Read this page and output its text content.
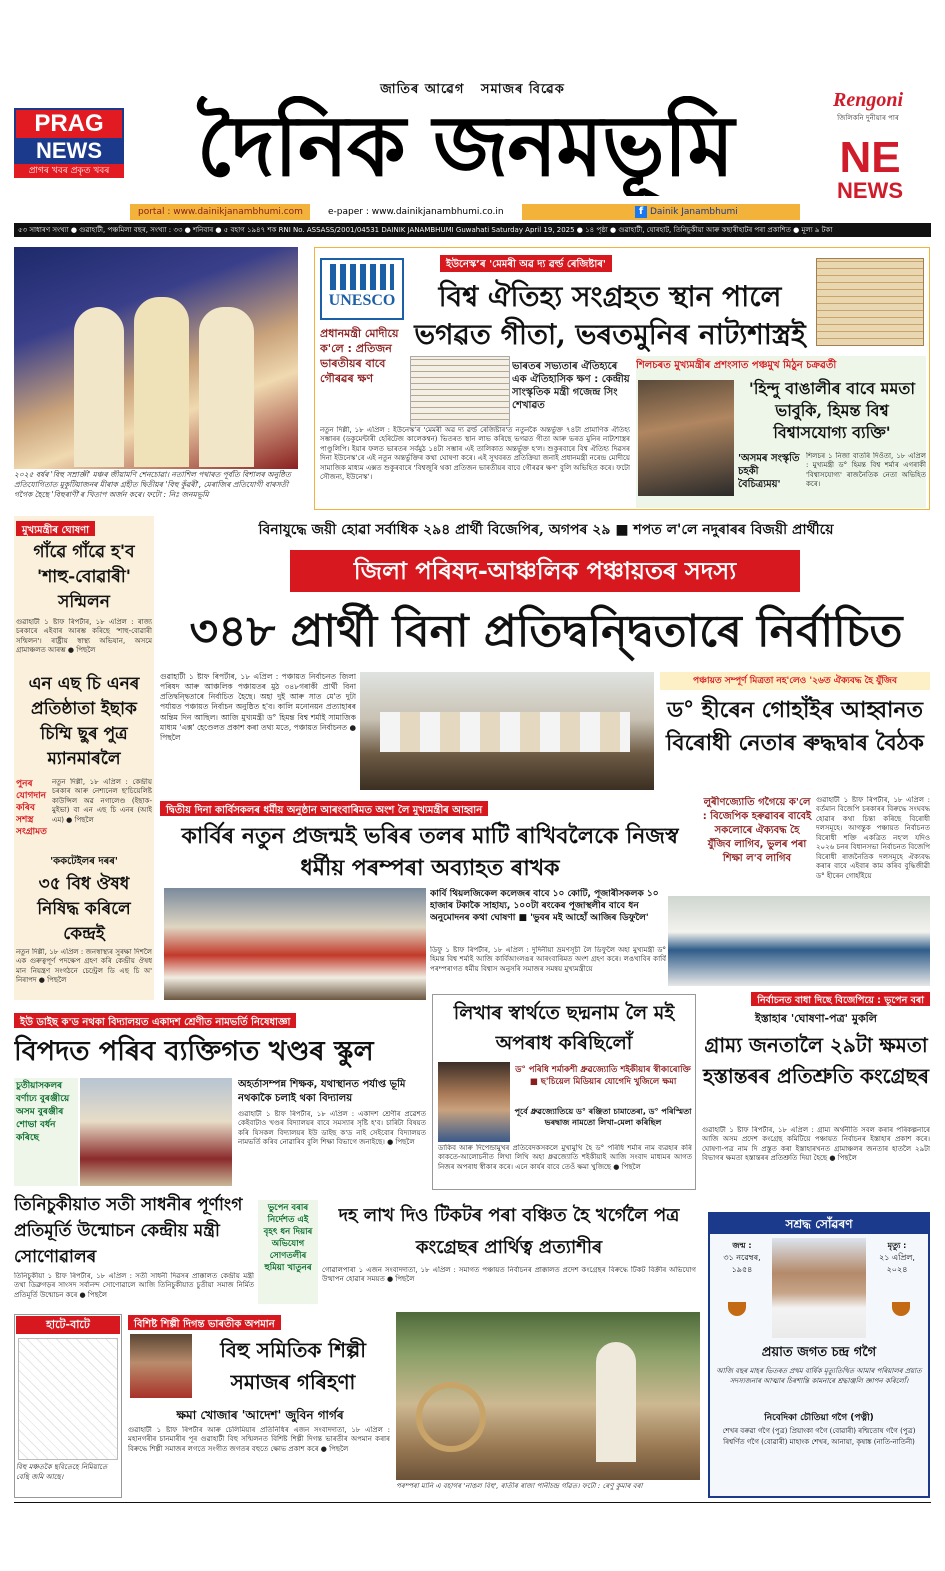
জাতিৰ আৱেগ   সমাজৰ বিৱেক
PRAG
NEWS
প্ৰাগৰ খবৰ প্ৰকৃত খবৰ	দৈনিক জনমভূমি	Rengoni
জিলিকনি দুনীয়াৰ পাৰ
NE
NEWS
portal : www.dainikjanambhumi.com	e-paper : www.dainikjanambhumi.co.in	f Dainik Janambhumi
৫৩ সাধাৰণ সংখ্যা ● গুৱাহাটী, পঞ্চমিলা বছৰ, সংখ্যা : ৩৩ ● শনিবাৰ ● ৫ বহাগ ১৯৪৭ শক RNI No. ASSASS/2001/04531 DAINIK JANAMBHUMI Guwahati Saturday April 19, 2025 ● ১৪ পৃষ্ঠা ● গুৱাহাটী, যোৰহাট, তিনিচুকীয়া আৰু কছাৰীহাটৰ পৰা প্ৰকাশিত ● মূল্য ৯ টকা
২০২৫ বৰ্ষৰ 'বিহু সম্ৰাজ্ঞী' মঞ্চৰ জীয়ামণি শেনচোৱা। নতাশিল পথাৰত পূৰ্বতি বিশালৰ অনুষ্ঠিত প্ৰতিযোগিতাত মুকুটিয়াজনৰ মীৰাক গ্ৰহীত দ্বিতীয়ৰ 'বিহু কুঁৱৰী', মেৰাজিৰ প্ৰতিযোগী বাৰসতী গগৈক হৈছে 'বিহুৰাণী'ৰ খিতাপ অৰ্জন কৰে। ফটো : নিঃ জনমভূমি
ইউনেস্কʼৰ 'মেমৰী অৱ দ্য ৱৰ্ল্ড ৰেজিষ্টাৰ'
UNESCO	বিশ্ব ঐতিহ্য সংগ্ৰহত স্থান পালে ভগৱত গীতা, ভৰতমুনিৰ নাট্যশাস্ত্ৰই
প্ৰধানমন্ত্ৰী মোদীয়ে ক'লে : প্ৰতিজন ভাৰতীয়ৰ বাবে গৌৰৱৰ ক্ষণ
ভাৰতৰ সভ্যতাৰ ঐতিহ্যৰে এক ঐতিহাসিক ক্ষণ : কেন্দ্ৰীয় সাংস্কৃতিক মন্ত্ৰী গজেন্দ্ৰ সিং শেখাৱত
নতুন দিল্লী, ১৮ এপ্ৰিল : ইউনেস্কʼৰ 'মেমৰী অৱ দ্য ৱৰ্ল্ড ৰেজিষ্টাৰ'ত নতুনকৈ অন্তৰ্ভুক্ত ৭৪টা প্ৰামাণিক ঐতিহ্য সম্ভাৰৰ (ডকুমেন্টাৰী হেৰিটেজ কালেকশ্বন) ভিতৰত স্থান লাভ কৰিছে ভগৱত গীতা আৰু ভৰত মুনিৰ নাট্যশাস্ত্ৰৰ পাণ্ডুলিপি। ইয়াৰ ফলত ভাৰতৰ সৰ্বমুঠ ১৪টা সম্ভাৰ এই তালিকাত অন্তৰ্ভুক্ত হ'ল। শুকুৰবাৰে বিশ্ব ঐতিহ্য দিৱসৰ দিনা ইউনেস্কʼৰে এই নতুন অন্তৰ্ভুক্তিৰ কথা ঘোষণা কৰে। এই সুখবৰত প্ৰতিক্ৰিয়া জনাই প্ৰধানমন্ত্ৰী নৰেন্দ্ৰ মোদীয়ে সামাজিক মাধ্যম এক্সত শুকুৰবাৰে 'বিশ্বজুৰি থকা প্ৰতিজন ভাৰতীয়ৰ বাবে গৌৰৱৰ ক্ষণ' বুলি অভিহিত কৰে। ফটো সৌজন্য, ইউনেস্কʼ।
শিলচৰত মুখ্যমন্ত্ৰীৰ প্ৰশংসাত পঞ্চমুখ মিঠুন চক্ৰৱৰ্তী
'হিন্দু বাঙালীৰ বাবে মমতা ভাবুকি, হিমন্ত বিশ্ব বিশ্বাসযোগ্য ব্যক্তি'
'অসমৰ সংস্কৃতি চহকী বৈচিত্ৰ্যময়'
শিলচৰ ১ নিজা বাতৰি দিওঁতা, ১৮ এপ্ৰিল : মুখ্যমন্ত্ৰী ড° হিমন্ত বিশ্ব শৰ্মাৰ এগৰাকী 'বিশ্বাসযোগ্য' ৰাজনৈতিক নেতা অভিহিত কৰে।
মুখ্যমন্ত্ৰীৰ ঘোষণা
গাঁৱে গাঁৱে হ'ব 'শাহু-বোৱাৰী' সন্মিলন
গুৱাহাটী ১ ষ্টাফ ৰিপৰ্টাৰ, ১৮ এপ্ৰিল : ৰাজ্য চৰকাৰে এইবাৰ আৰম্ভ কৰিছে 'শাহু-বোৱাৰী সন্মিলন'। ৰাষ্ট্ৰীয় স্বাস্থ্য অভিযান, অসমে গ্ৰামাঞ্চলত আৰম্ভ ● পিছলৈ
এন এছ চি এনৰ প্ৰতিষ্ঠাতা ইছাক চিম্মি ছুৰ পুত্ৰ ম্যানমাৰলৈ
পুনৰ যোগদান কৰিব সশস্ত্ৰ সংগ্ৰামত
নতুন দিল্লী, ১৮ এপ্ৰিল : কেন্দ্ৰীয় চৰকাৰ আৰু নেশ্যনেল ছ'চিয়েলিষ্ট কাউন্সিল অৱ নগালেণ্ড (ইছাক-মুইভা) বা এন এছ চি এনৰ (আই এম) ● পিছলৈ
'ককটেইলৰ দৰৰ'
৩৫ বিধ ঔষধ নিষিদ্ধ কৰিলে কেন্দ্ৰই
নতুন দিল্লী, ১৮ এপ্ৰিল : জনস্বাস্থ্যৰ সুৰক্ষা দিশলৈ এক গুৰুত্বপূৰ্ণ পদক্ষেপ গ্ৰহণ কৰি কেন্দ্ৰীয় ঔষধ মান নিয়ন্ত্ৰণ সংগঠনে চেন্ট্ৰেল ডি এছ চি অ' নিৰাপদ ● পিছলৈ
বিনাযুদ্ধে জয়ী হোৱা সৰ্বাধিক ২৯৪ প্ৰাৰ্থী বিজেপিৰ, অগপৰ ২৯ ■ শপত ল'লে নদুৰাৰৰ বিজয়ী প্ৰাৰ্থীয়ে
জিলা পৰিষদ-আঞ্চলিক পঞ্চায়তৰ সদস্য
৩৪৮ প্ৰাৰ্থী বিনা প্ৰতিদ্বন্দ্বিতাৰে নিৰ্বাচিত
গুৱাহাটী ১ ষ্টাফ ৰিপৰ্টাৰ, ১৮ এপ্ৰিল : পঞ্চায়ত নিৰ্বাচনত জিলা পৰিষদ আৰু আঞ্চলিক পঞ্চায়তৰ মুঠ ৩৪৮গৰাকী প্ৰাৰ্থী বিনা প্ৰতিদ্বন্দ্বিতাৰে নিৰ্বাচিত হৈছে। অহা দুই আৰু সাত মে'ত দুটা পৰ্যায়ত পঞ্চায়ত নিৰ্বাচন অনুষ্ঠিত হ'ব। কালি মনোনয়ন প্ৰত্যাহাৰৰ অন্তিম দিন আছিল। আজি মুখ্যমন্ত্ৰী ড° হিমন্ত বিশ্ব শৰ্মাই সামাজিক মাধ্যম 'এক্স' হেণ্ডেলত প্ৰকাশ কৰা তথ্য মতে, পঞ্চায়ত নিৰ্বাচনত ● পিছলৈ
পঞ্চায়ত সম্পূৰ্ণ মিত্ৰতা নহ'লেও '২৬ত ঐক্যবদ্ধ হৈ যুঁজিব
ড° হীৰেন গোহাঁইৰ আহ্বানত বিৰোধী নেতাৰ ৰুদ্ধদ্বাৰ বৈঠক
লুৰীণজ্যোতি গগৈয়ে ক'লে : বিজেপিক হৰুৱাবৰ বাবেই সকলোৰে ঐক্যবদ্ধ হৈ যুঁজিব লাগিব, ভুলৰ পৰা শিক্ষা ল'ব লাগিব
গুৱাহাটী ১ ষ্টাফ ৰিপৰ্টাৰ, ১৮ এপ্ৰিল : বৰ্তমান বিজেপি চৰকাৰৰ বিৰুদ্ধে সংঘবদ্ধ হোৱাৰ কথা চিন্তা কৰিছে বিৰোধী দলসমূহে। আগন্তুক পঞ্চায়ত নিৰ্বাচনত বিৰোধী শক্তি একত্ৰিত নহ'ল যদিও ২০২৬ চনৰ বিধানসভা নিৰ্বাচনত বিজেপি বিৰোধী ৰাজনৈতিক দলসমূহে ঐক্যবদ্ধ কৰাৰ বাবে এইবাৰ কাম কৰিব বুদ্ধিজীৱী ড° হীৰেন গোহাঁইয়ে
দ্বিতীয় দিনা কাৰ্বিসকলৰ ধৰ্মীয় অনুষ্ঠান আৰংবাৰিমত অংশ লৈ মুখ্যমন্ত্ৰীৰ আহ্বান
কাৰ্বিৰ নতুন প্ৰজন্মই ভৰিৰ তলৰ মাটি ৰাখিবলৈকে নিজস্ব ধৰ্মীয় পৰম্পৰা অব্যাহত ৰাখক
কাৰ্বি থিয়লজিকেল কলেজৰ বাবে ১০ কোটি, পূজাৰীসকলক ১০ হাজাৰ টকাকৈ সাহায্য, ১০০টা ৰংকেৰ পূজাস্থলীৰ বাবে ধন অনুমোদনৰ কথা ঘোষণা ■ 'ভুবৰ মই আহোঁ আজিৰ ডিফুলৈ'
ডিফু ১ ষ্টাফ ৰিপৰ্টাৰ, ১৮ এপ্ৰিল : দুদিনীয়া ভ্ৰমণসূচী লৈ ডিফুলৈ অহা মুখ্যমন্ত্ৰী ড° হিমন্ত বিশ্ব শৰ্মাই আজি কাৰ্বিআংলঙৰ আৰংবাৰিমত অংশ গ্ৰহণ কৰে। লঙখাবিৰ কাৰ্বি পৰম্পৰাগত ধৰ্মীয় বিশ্বাস অনুসৰি সমাজৰ সমন্বয় মুখ্যমন্ত্ৰীয়ে
নিৰ্বাচনত বাধা দিছে বিজেপিয়ে : ভূপেন বৰা
ইউ ডাইছ ক'ড নথকা বিদ্যালয়ত একাদশ শ্ৰেণীত নামভৰ্তি নিষেধাজ্ঞা
বিপদত পৰিব ব্যক্তিগত খণ্ডৰ স্কুল
চুতীয়াসকলৰ বৰ্ণাঢ্য বুৰঞ্জীয়ে অসম বুৰঞ্জীৰ শোভা বৰ্ধন কৰিছে
অহৰ্তাসম্পন্ন শিক্ষক, যথাস্থানত পৰ্যাপ্ত ভূমি নথকাকৈ চলাই থকা বিদ্যালয়
গুৱাহাটী ১ ষ্টাফ ৰিপৰ্টাৰ, ১৮ এপ্ৰিল : একাদশ শ্ৰেণীৰ প্ৰৱেশত কেইবাটাও খণ্ডৰ বিদ্যালয়ৰ বাবে সমস্যাৰ সৃষ্টি হ'ব। চাৰিটা বিষয়ত কৰি যিসকল বিদ্যালয়ৰ ইউ ডাইছ ক'ড নাই সেইবোৰ বিদ্যালয়ত নামভৰ্তি কৰিব নোৱাৰিব বুলি শিক্ষা বিভাগে জনাইছে। ● পিছলৈ
তিনিচুকীয়াত সতী সাধনীৰ পূৰ্ণাংগ প্ৰতিমূৰ্তি উন্মোচন কেন্দ্ৰীয় মন্ত্ৰী সোণোৱালৰ
তিনিচুকীয়া ১ ষ্টাফ ৰিপৰ্টাৰ, ১৮ এপ্ৰিল : সতী সাধনী দিৱসৰ প্ৰাক্কালত কেন্দ্ৰীয় মন্ত্ৰী তথা ডিব্ৰুগড়ৰ সাংসদ সৰ্বানন্দ সোণোৱালে আজি তিনিচুকীয়াত চুতীয়া সমাজ নিৰ্মিত প্ৰতিমূৰ্তি উন্মোচন কৰে ● পিছলৈ
লিখাৰ স্বাৰ্থতে ছদ্মনাম লৈ মই অপৰাধ কৰিছিলোঁ
ড° পৰিধি শৰ্মাকশী ধ্ৰুৱজ্যোতি শইকীয়াৰ স্বীকাৰোক্তি ■ ছ'চিয়েল মিডিয়াৰ যোগেদি খুজিলে ক্ষমা
পূৰ্বে ধ্ৰুৱজ্যোতিয়ে ড° ৰঞ্জিতা চামাতেৰা, ড° পৰিস্মিতা ভৰদ্বাজ নামতো লিখা-মেলা কৰিছিল
ডাকিব আৰু দিপেন্ডামুখৰ প্ৰতিবেদকসকলে মুখামুখি হৈ ড° পৰিধি শৰ্মাৰ নাম ব্যৱহাৰ কৰি কাকতে-আলোচনীত লিখা লিখি অহা ধ্ৰুৱজ্যোতি শইকীয়াই আজি সংবাদ মাধ্যমৰ আগত নিজৰ অপৰাধ স্বীকাৰ কৰে। এনে কাৰ্যৰ বাবে তেওঁ ক্ষমা খুজিছে ● পিছলৈ
ইস্তাহাৰ 'ঘোষণা-পত্ৰ' মুকলি
গ্ৰাম্য জনতালৈ ২৯টা ক্ষমতা হস্তান্তৰৰ প্ৰতিশ্ৰুতি কংগ্ৰেছৰ
গুৱাহাটী ১ ষ্টাফ ৰিপৰ্টাৰ, ১৮ এপ্ৰিল : গ্ৰাম্য অৰ্থনীতি সবল কৰাৰ পৰিকল্পনাৰে আজি অসম প্ৰদেশ কংগ্ৰেছ কমিটিয়ে পঞ্চায়ত নিৰ্বাচনৰ ইস্তাহাৰ প্ৰকাশ কৰে। ঘোষণা-পত্ৰ নাম দি প্ৰস্তুত কৰা ইস্তাহাৰখনত গ্ৰামাঞ্চলৰ জনতাৰ হাতলৈ ২৯টা বিভাগৰ ক্ষমতা হস্তান্তৰৰ প্ৰতিশ্ৰুতি দিয়া হৈছে ● পিছলৈ
ভুপেন বৰাৰ নিৰ্দেশত এই বৃহৎ ধন দিয়াৰ অভিযোগ সোণতলীৰ হুমিয়া খাতুনৰ
দহ লাখ দিও টিকটৰ পৰা বঞ্চিত হৈ খৰ্গেলৈ পত্ৰ কংগ্ৰেছৰ প্ৰাৰ্থিত্ব প্ৰত্যাশীৰ
গোৱালপাৰা ১ এজন সংবাদদাতা, ১৮ এপ্ৰিল : সমাগত পঞ্চায়ত নিৰ্বাচনৰ প্ৰাক্কালত প্ৰদেশ কংগ্ৰেছৰ বিৰুদ্ধে টিকট বিক্ৰীৰ অভিযোগ উত্থাপন হোৱাৰ সময়ত ● পিছলৈ
সশ্ৰদ্ধ সোঁৱৰণ
জন্ম :
৩১ নৱেম্বৰ, ১৯৫৪
মৃত্যু :
২১ এপ্ৰিল, ২০২৪
প্ৰয়াত জগত চন্দ্ৰ গগৈ
আজি বছৰ মাহৰ ভিতৰত প্ৰথম বাৰ্ষিক মৃত্যুতিথিত আমাৰ পৰিয়ালৰ প্ৰয়াত সদস্যজনাৰ আত্মাৰ চিৰশান্তি কামনাৰে শ্ৰদ্ধাঞ্জলি জ্ঞাপন কৰিলোঁ।
নিবেদিকা চৌতিয়া গগৈ (পত্নী)
শেখৰ বৰুৱা গগৈ (পুত্ৰ) প্ৰিয়াংকা গগৈ (বোৱাৰী) ৰশ্মিতোষ গগৈ (পুত্ৰ) ৰিশ্বৰ্ণিত গগৈ (বোৱাৰী) মাহাংক শেখৰ, আনায়া, কৃষাঙ্ক (নাতি-নাতিনী)
হাটে-বাটে
বিহু মঞ্চতকৈ ছবিতেহে নিমিয়াতে বেছি জমি আছে।
বিশিষ্ট শিল্পী দিগন্ত ভাৰতীক অপমান
বিহু সমিতিক শিল্পী সমাজৰ গৰিহণা
ক্ষমা খোজাৰ 'আদেশ' জুবিন গাৰ্গৰ
গুৱাহাটী ১ ষ্টাফ ৰিপৰ্টাৰ আৰু চেলিমিয়াৰ প্ৰতিনিধিৰ এজন সংবাদদাতা, ১৮ এপ্ৰিল : মহানগৰীৰ চানমাৰীৰ পূৰ গুৱাহাটী বিহু সন্মিলনত বিশিষ্ট শিল্পী দিগন্ত ভাৰতীৰ অপমান কৰাৰ বিৰুদ্ধে শিল্পী সমাজৰ লগতে সংগীত জগতৰ বহুতে ক্ষোভ প্ৰকাশ কৰে ● পিছলৈ
পৰম্পৰা মানি এ বহাগৰ 'নাঙল বিহু', ৰাতীৰ ৰাজা পানীচন্দ্ৰ গাঁৱত। ফটো : ৰেণু কুমাৰ বৰা
